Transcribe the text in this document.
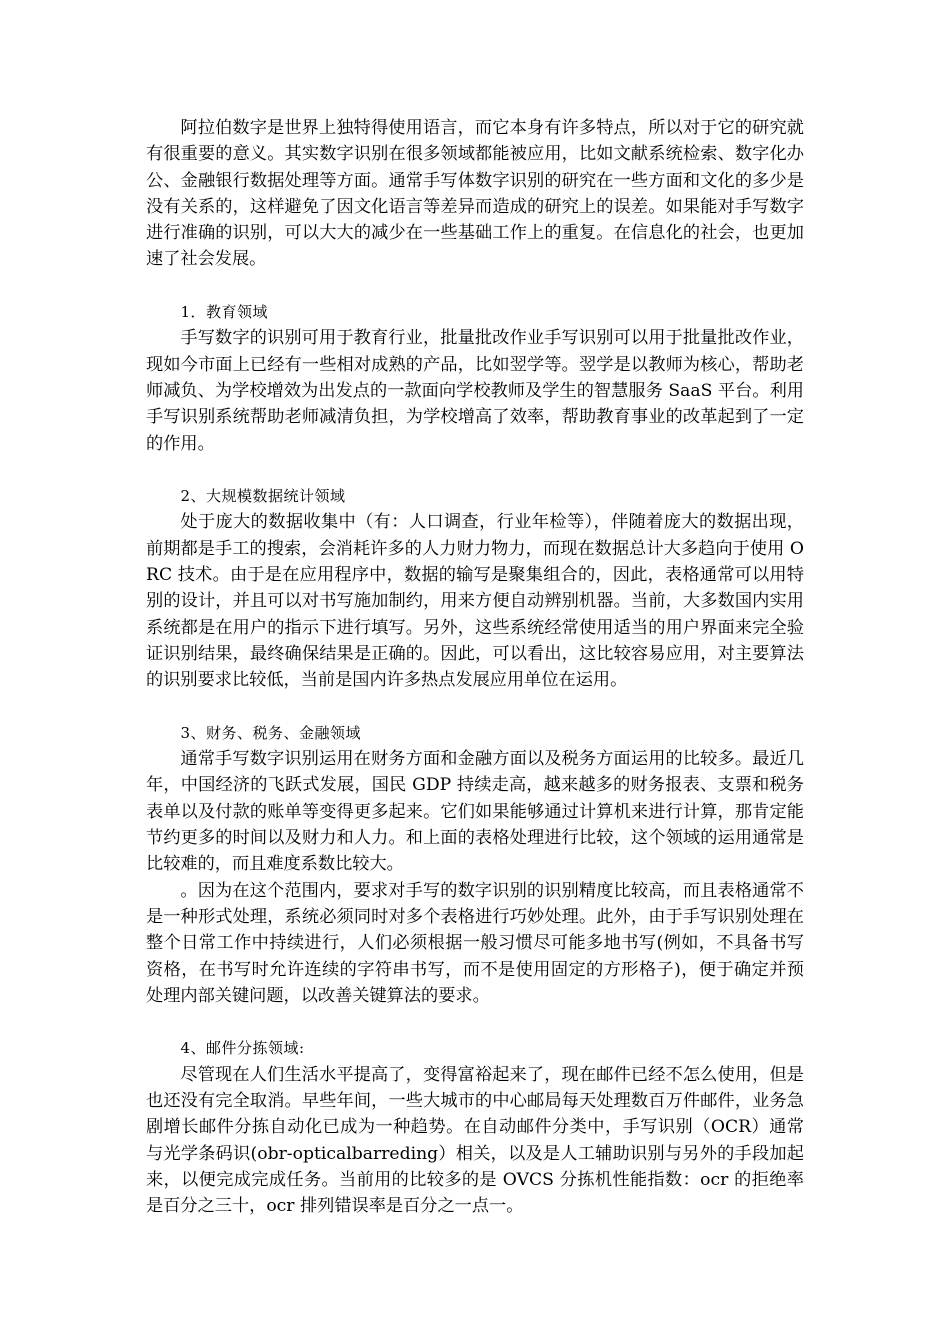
阿拉伯数字是世界上独特得使用语言，而它本身有许多特点，所以对于它的研究就有很重要的意义。其实数字识别在很多领域都能被应用，比如文献系统检索、数字化办公、金融银行数据处理等方面。通常手写体数字识别的研究在一些方面和文化的多少是没有关系的，这样避免了因文化语言等差异而造成的研究上的误差。如果能对手写数字进行准确的识别，可以大大的减少在一些基础工作上的重复。在信息化的社会，也更加速了社会发展。

1．教育领域

手写数字的识别可用于教育行业，批量批改作业手写识别可以用于批量批改作业，现如今市面上已经有一些相对成熟的产品，比如翌学等。翌学是以教师为核心，帮助老师减负、为学校增效为出发点的一款面向学校教师及学生的智慧服务 SaaS 平台。利用手写识别系统帮助老师减清负担，为学校增高了效率，帮助教育事业的改革起到了一定的作用。

2、大规模数据统计领域

处于庞大的数据收集中（有：人口调查，行业年检等），伴随着庞大的数据出现，前期都是手工的搜索，会消耗许多的人力财力物力，而现在数据总计大多趋向于使用 ORC 技术。由于是在应用程序中，数据的输写是聚集组合的，因此，表格通常可以用特别的设计，并且可以对书写施加制约，用来方便自动辨别机器。当前，大多数国内实用系统都是在用户的指示下进行填写。另外，这些系统经常使用适当的用户界面来完全验证识别结果，最终确保结果是正确的。因此，可以看出，这比较容易应用，对主要算法的识别要求比较低，当前是国内许多热点发展应用单位在运用。

3、财务、税务、金融领域

通常手写数字识别运用在财务方面和金融方面以及税务方面运用的比较多。最近几年，中国经济的飞跃式发展，国民 GDP 持续走高，越来越多的财务报表、支票和税务表单以及付款的账单等变得更多起来。它们如果能够通过计算机来进行计算，那肯定能节约更多的时间以及财力和人力。和上面的表格处理进行比较，这个领域的运用通常是比较难的，而且难度系数比较大。

。因为在这个范围内，要求对手写的数字识别的识别精度比较高，而且表格通常不是一种形式处理，系统必须同时对多个表格进行巧妙处理。此外，由于手写识别处理在整个日常工作中持续进行，人们必须根据一般习惯尽可能多地书写(例如，不具备书写资格，在书写时允许连续的字符串书写，而不是使用固定的方形格子)，便于确定并预处理内部关键问题，以改善关键算法的要求。

4、邮件分拣领域:

尽管现在人们生活水平提高了，变得富裕起来了，现在邮件已经不怎么使用，但是也还没有完全取消。早些年间，一些大城市的中心邮局每天处理数百万件邮件，业务急剧增长邮件分拣自动化已成为一种趋势。在自动邮件分类中，手写识别（OCR）通常与光学条码识(obr-opticalbarreding）相关，以及是人工辅助识别与另外的手段加起来，以便完成完成任务。当前用的比较多的是 OVCS 分拣机性能指数：ocr 的拒绝率是百分之三十，ocr 排列错误率是百分之一点一。
